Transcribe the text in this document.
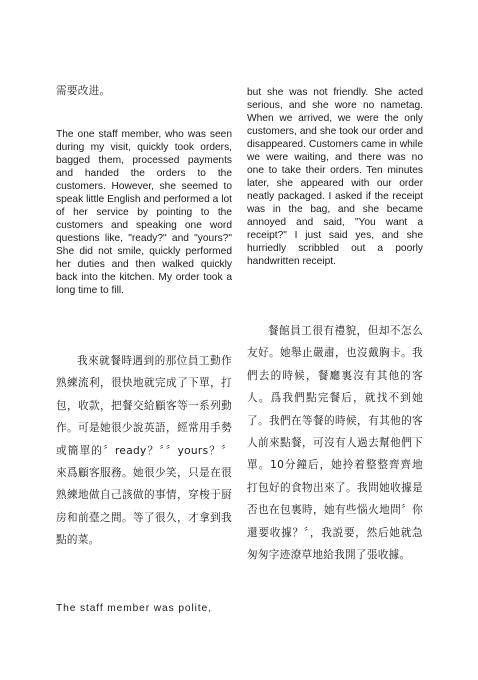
需要改进。

The one staff member, who was seen during my visit, quickly took orders, bagged them, processed payments and handed the orders to the customers. However, she seemed to speak little English and performed a lot of her service by pointing to the customers and speaking one word questions like, "ready?" and "yours?" She did not smile, quickly performed her duties and then walked quickly back into the kitchen. My order took a long time to fill.

我來就餐時遇到的那位員工動作熟練流利，很快地就完成了下單，打包，收款，把餐交給顧客等一系列動作。可是她很少說英語，經常用手勢或簡單的〞ready？〞〞yours？〞來爲顧客服務。她很少笑，只是在很熟練地做自己該做的事情，穿梭于厨房和前臺之間。等了很久，才拿到我點的菜。

The staff member was polite,

but she was not friendly. She acted serious, and she wore no nametag. When we arrived, we were the only customers, and she took our order and disappeared. Customers came in while we were waiting, and there was no one to take their orders. Ten minutes later, she appeared with our order neatly packaged. I asked if the receipt was in the bag, and she became annoyed and said, "You want a receipt?" I just said yes, and she hurriedly scribbled out a poorly handwritten receipt.

餐館員工很有禮貌，但却不怎么友好。她舉止嚴肅，也沒戴胸卡。我們去的時候，餐廳裏沒有其他的客人。爲我們點完餐后，就找不到她了。我們在等餐的時候，有其他的客人前來點餐，可沒有人過去幫他們下單。10分鐘后，她拎着整整齊齊地打包好的食物出來了。我問她收據是否也在包裏時，她有些惱火地問〞你還要收據？〞，我説要，然后她就急匆匆字迹潦草地給我開了張收據。
